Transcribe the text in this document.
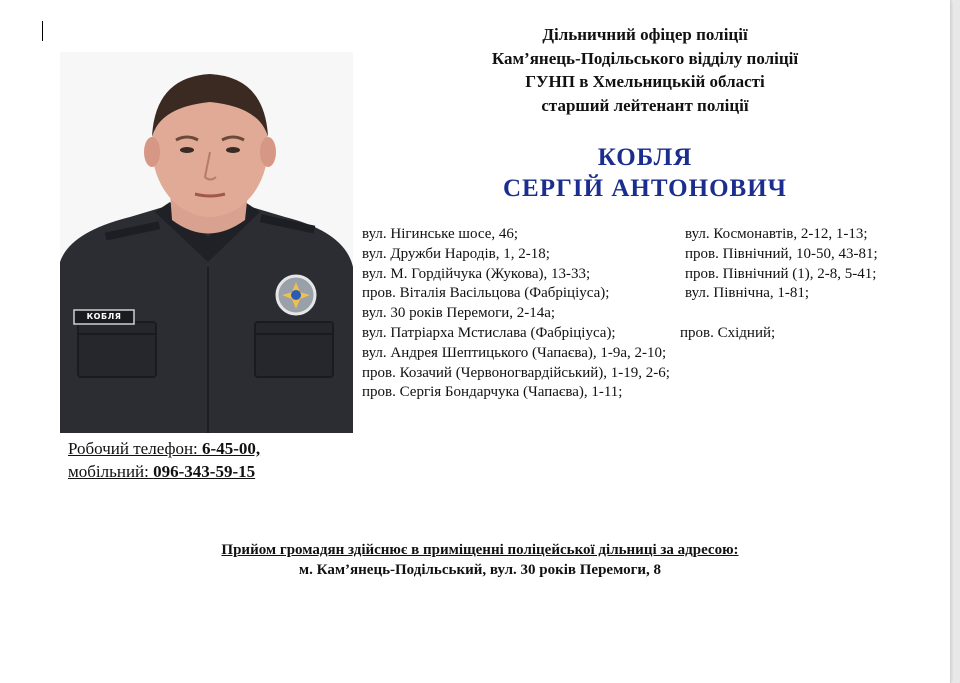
Дільничний офіцер поліції
Кам’янець-Подільського відділу поліції
ГУНП в Хмельницькій області
старший лейтенант поліції
КОБЛЯ
СЕРГІЙ АНТОНОВИЧ
КОБЛЯ
вул. Нігинське шосе, 46;	вул. Космонавтів, 2-12, 1-13;
вул. Дружби Народів, 1, 2-18;	пров. Північний, 10-50, 43-81;
вул. М. Гордійчука (Жукова), 13-33;	пров. Північний (1), 2-8, 5-41;
пров. Віталія Васільцова (Фабріціуса);	вул. Північна, 1-81;
вул. 30 років Перемоги, 2-14а;
вул. Патріарха Мстислава (Фабріціуса);	пров. Східний;
вул. Андрея Шептицького (Чапаєва), 1-9а, 2-10;
пров. Козачий (Червоногвардійський), 1-19, 2-6;
пров. Сергія Бондарчука (Чапаєва), 1-11;
Робочий телефон: 6-45-00,
мобільний: 096-343-59-15
Прийом громадян здійснює в приміщенні поліцейської дільниці за адресою:
м. Кам’янець-Подільський, вул. 30 років Перемоги, 8
